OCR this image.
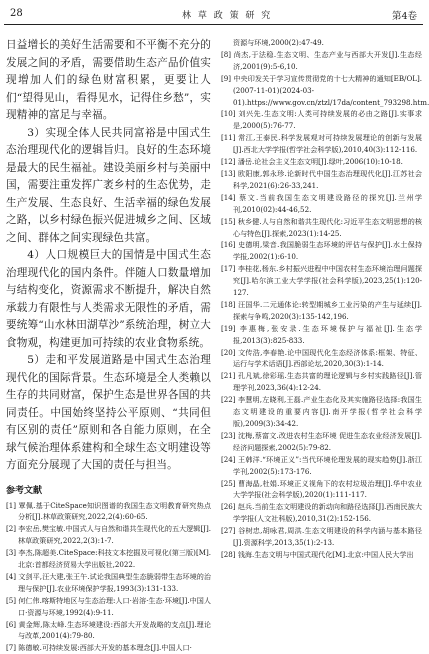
28	林 草 政 策 研 究	第4卷

日益增长的美好生活需要和不平衡不充分的发展之间的矛盾，需要借助生态产品价值实现增加人们的绿色财富积累，更要让人们“望得见山，看得见水，记得住乡愁”，实现精神的富足与幸福。

3）实现全体人民共同富裕是中国式生态治理现代化的逻辑旨归。良好的生态环境是最大的民生福祉。建设美丽乡村与美丽中国，需要注重发挥广袤乡村的生态优势，走生产发展、生态良好、生活幸福的绿色发展之路，以乡村绿色振兴促进城乡之间、区域之间、群体之间实现绿色共富。

4）人口规模巨大的国情是中国式生态治理现代化的国内条件。伴随人口数量增加与结构变化，资源需求不断提升，解决自然承载力有限性与人类需求无限性的矛盾，需要统筹“山水林田湖草沙”系统治理，树立大食物观，构建更加可持续的农业食物系统。

5）走和平发展道路是中国式生态治理现代化的国际背景。生态环境是全人类赖以生存的共同财富，保护生态是世界各国的共同责任。中国始终坚持公平原则、“共同但有区别的责任”原则和各自能力原则，在全球气候治理体系建构和全球生态文明建设等方面充分展现了大国的责任与担当。

参考文献

[1] 覃佩.基于CiteSpace知识图谱的我国生态文明教育研究热点分析[J].林草政策研究,2022,2(4):60-65.

[2] 李宏岳,樊宝敏.中国式人与自然和谐共生现代化的五大逻辑[J].林草政策研究,2022,2(3):1-7.

[3] 李杰,陈超美.CiteSpace:科技文本挖掘及可视化(第三版)[M].北京:首都经济贸易大学出版社,2022.

[4] 文剑平,汪大建,张王午.试论我国典型生态脆弱带生态环境的治理与保护[J].农业环境保护学报,1993(3):131-133.

[5] 何仁伟.喀斯特地区与生态治理:人口·岩溶·生态·环境[J].中国人口·资源与环境,1992(4):9-11.

[6] 黄金辉,陈太峰.生态环境建设:西部大开发战略的支点[J].理论与改革,2001(4):79-80.

[7] 陈德敏.可持续发展:西部大开发的基本理念[J].中国人口·

资源与环境,2000(2):47-49.

[8] 尚杰,于法稳.生态文明、生态产业与西部大开发[J].生态经济,2001(9):5-6,10.

[9] 中央印发关于学习宣传贯彻党的十七大精神的通知[EB/OL].(2007-11-01)(2024-03-01).https://www.gov.cn/ztzl/17da/content_793298.htm.

[10] 刘兴先.生态文明:人类可持续发展的必由之路[J].实事求是,2000(5):76-77.

[11] 常江,王泰民.科学发展观对可持续发展理论的创新与发展[J].西北大学学报(哲学社会科学版),2010,40(3):112-116.

[12] 潘岳.论社会主义生态文明[J].绿叶,2006(10):10-18.

[13] 欧阳康,郭永珍.论新时代中国生态治理现代化[J].江苏社会科学,2021(6):26-33,241.

[14] 蔡文.当前我国生态文明建设路径的探究[J].兰州学刊,2010(02):44-46,52.

[15] 秋乡健.人与自然和谐共生现代化:习近平生态文明思想的核心与特色[J].探索,2023(1):14-25.

[16] 史德明,梁音.我国脆弱生态环境的评估与保护[J].水土保持学报,2002(1):6-10.

[17] 李桂花,杨东.乡村振兴进程中中国农村生态环境治理问题探究[J].哈尔滨工业大学学报(社会科学版),2023,25(1):120-127.

[18] 汪国华.二元通体论:转型期城乡工业污染的产生与延续[J].探索与争鸣,2020(3):135-142,196.

[19] 李惠梅,张安录.生态环境保护与福祉[J].生态学报,2013(3):825-833.

[20] 文传浩,李春艳.论中国现代化生态经济体系:框架、特征、运行与学术话语[J].西部论坛,2020,30(3):1-14.

[21] 孔凡斌,徐彩瑶.生态共富的理论逻辑与乡村实践路径[J].管理学刊,2023,36(4):12-24.

[22] 李慧明,左晓利,王磊.产业生态化及其实施路径选择:我国生态文明建设的重要内容[J].南开学报(哲学社会科学版),2009(3):34-42.

[23] 沈梅,蔡富文.改进农村生态环境 促进生态农业经济发展[J].经济问题探索,2002(5):79-82.

[24] 王韩洋.“环境正义”:当代环境伦理发展的现实趋势[J].浙江学刊,2002(5):173-176.

[25] 曹海晶,杜娟.环境正义视角下的农村垃圾治理[J].华中农业大学学报(社会科学版),2020(1):111-117.

[26] 赵兵.当前生态文明建设的新动向和路径选择[J].西南民族大学学报(人文社科版),2010,31(2):152-156.

[27] 谷树忠,胡咏君,周洪.生态文明建设的科学内涵与基本路径[J].资源科学,2013,35(1):2-13.

[28] 钱海.生态文明与中国式现代化[M].北京:中国人民大学出
